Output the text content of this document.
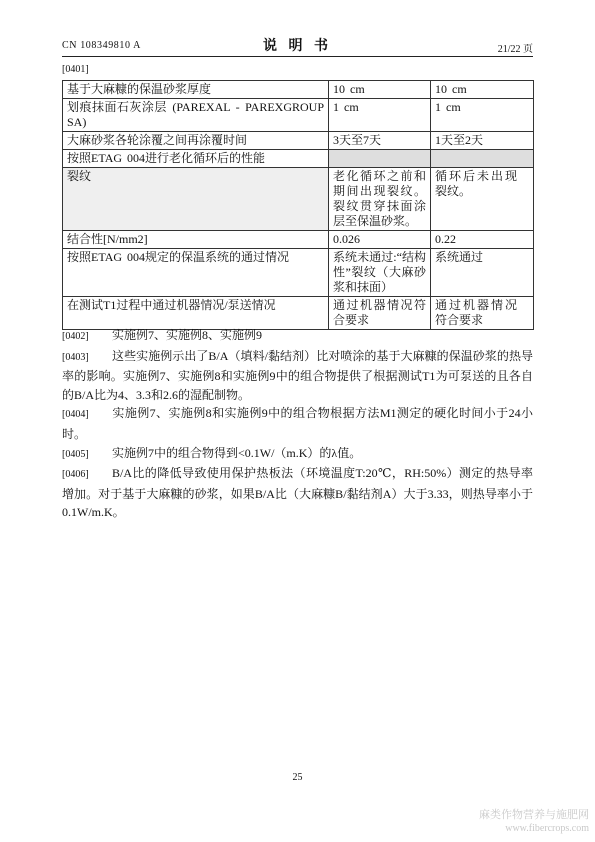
CN 108349810 A	说 明 书	21/22 页
[0401]
基于大麻糠的保温砂浆厚度	10 cm	10 cm
划痕抹面石灰涂层 (PAREXAL - PAREXGROUP SA)	1 cm	1 cm
大麻砂浆各轮涂覆之间再涂覆时间	3天至7天	1天至2天
按照ETAG 004进行老化循环后的性能		
裂纹	老化循环之前和期间出现裂纹。裂纹贯穿抹面涂层至保温砂浆。	循环后未出现裂纹。
结合性[N/mm2]	0.026	0.22
按照ETAG 004规定的保温系统的通过情况	系统未通过:“结构性”裂纹（大麻砂浆和抹面）	系统通过
在测试T1过程中通过机器情况/泵送情况	通过机器情况符合要求	通过机器情况符合要求

[0402] 实施例7、实施例8、实施例9

[0403] 这些实施例示出了B/A（填料/黏结剂）比对喷涂的基于大麻糠的保温砂浆的热导率的影响。实施例7、实施例8和实施例9中的组合物提供了根据测试T1为可泵送的且各自的B/A比为4、3.3和2.6的湿配制物。

[0404] 实施例7、实施例8和实施例9中的组合物根据方法M1测定的硬化时间小于24小时。

[0405] 实施例7中的组合物得到<0.1W/（m.K）的λ值。

[0406] B/A比的降低导致使用保护热板法（环境温度T:20℃，RH:50%）测定的热导率增加。对于基于大麻糠的砂浆，如果B/A比（大麻糠B/黏结剂A）大于3.33，则热导率小于0.1W/m.K。

25
麻类作物营养与施肥网
www.fibercrops.com
